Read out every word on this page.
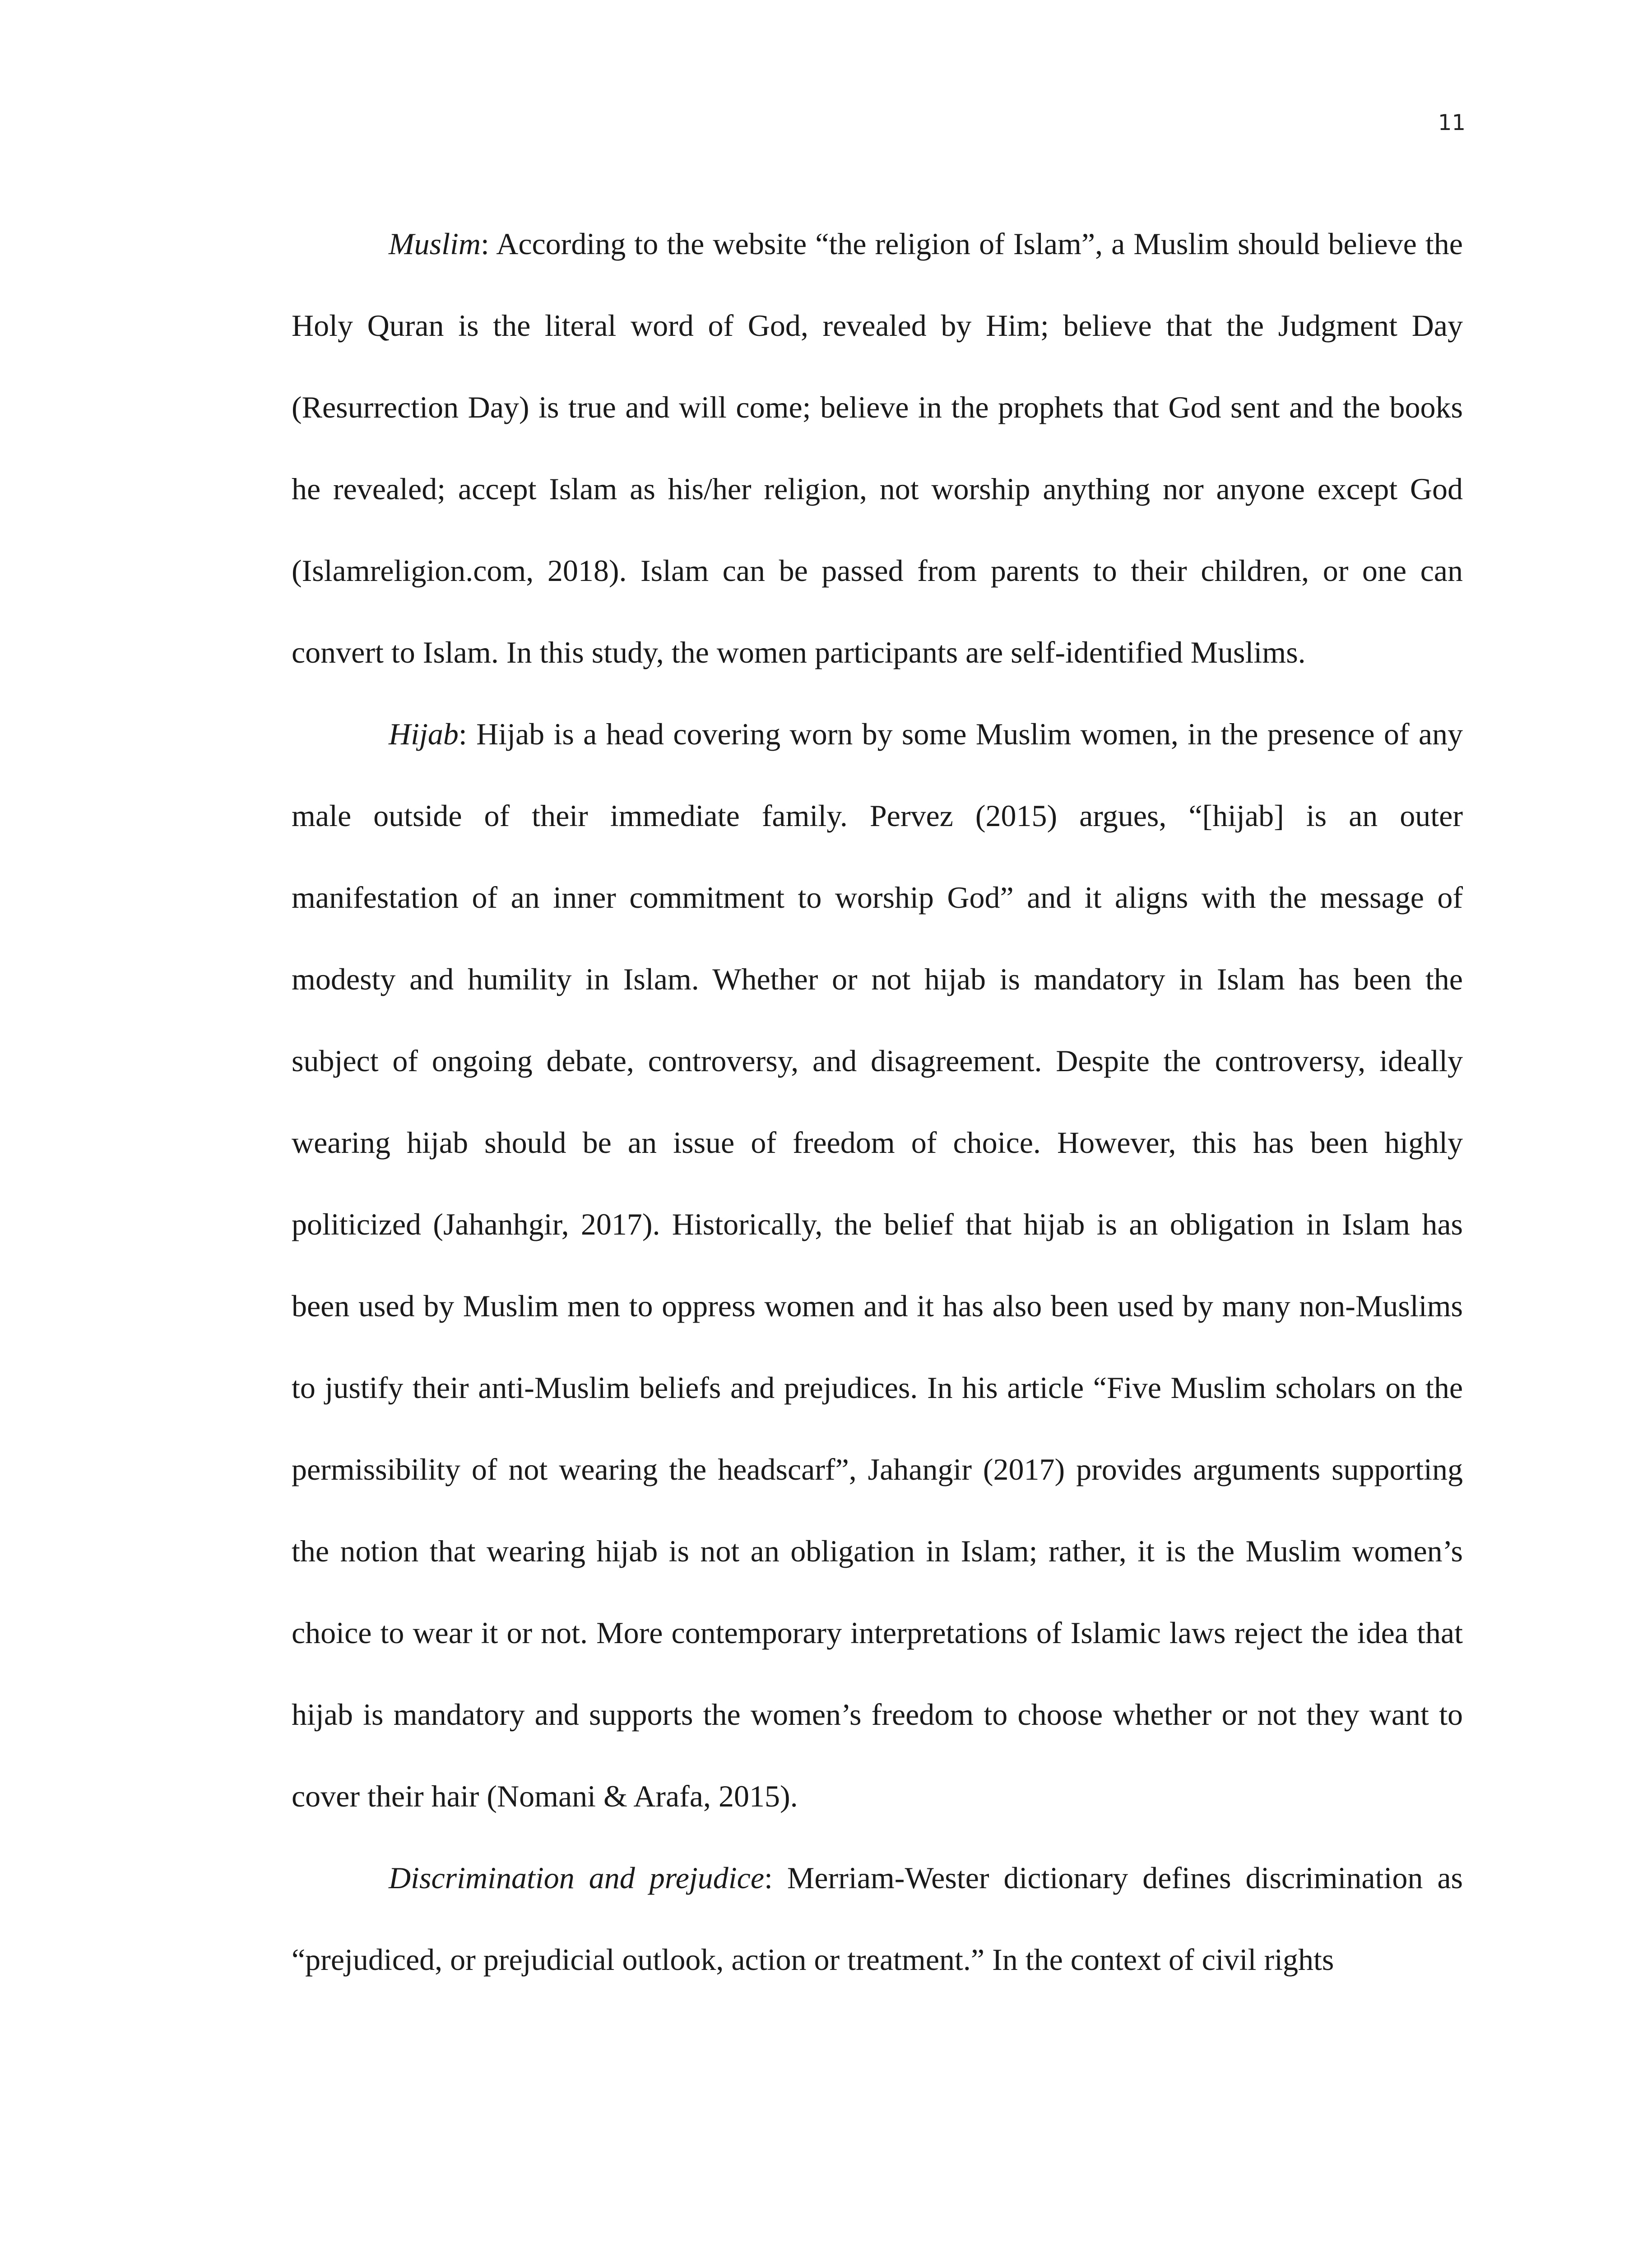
11

Muslim: According to the website “the religion of Islam”, a Muslim should believe the Holy Quran is the literal word of God, revealed by Him; believe that the Judgment Day (Resurrection Day) is true and will come; believe in the prophets that God sent and the books he revealed; accept Islam as his/her religion, not worship anything nor anyone except God (Islamreligion.com, 2018). Islam can be passed from parents to their children, or one can convert to Islam. In this study, the women participants are self-identified Muslims.

Hijab: Hijab is a head covering worn by some Muslim women, in the presence of any male outside of their immediate family. Pervez (2015) argues, “[hijab] is an outer manifestation of an inner commitment to worship God” and it aligns with the message of modesty and humility in Islam. Whether or not hijab is mandatory in Islam has been the subject of ongoing debate, controversy, and disagreement. Despite the controversy, ideally wearing hijab should be an issue of freedom of choice. However, this has been highly politicized (Jahanhgir, 2017). Historically, the belief that hijab is an obligation in Islam has been used by Muslim men to oppress women and it has also been used by many non-Muslims to justify their anti-Muslim beliefs and prejudices. In his article “Five Muslim scholars on the permissibility of not wearing the headscarf”, Jahangir (2017) provides arguments supporting the notion that wearing hijab is not an obligation in Islam; rather, it is the Muslim women’s choice to wear it or not. More contemporary interpretations of Islamic laws reject the idea that hijab is mandatory and supports the women’s freedom to choose whether or not they want to cover their hair (Nomani & Arafa, 2015).

Discrimination and prejudice: Merriam-Wester dictionary defines discrimination as “prejudiced, or prejudicial outlook, action or treatment.” In the context of civil rights
